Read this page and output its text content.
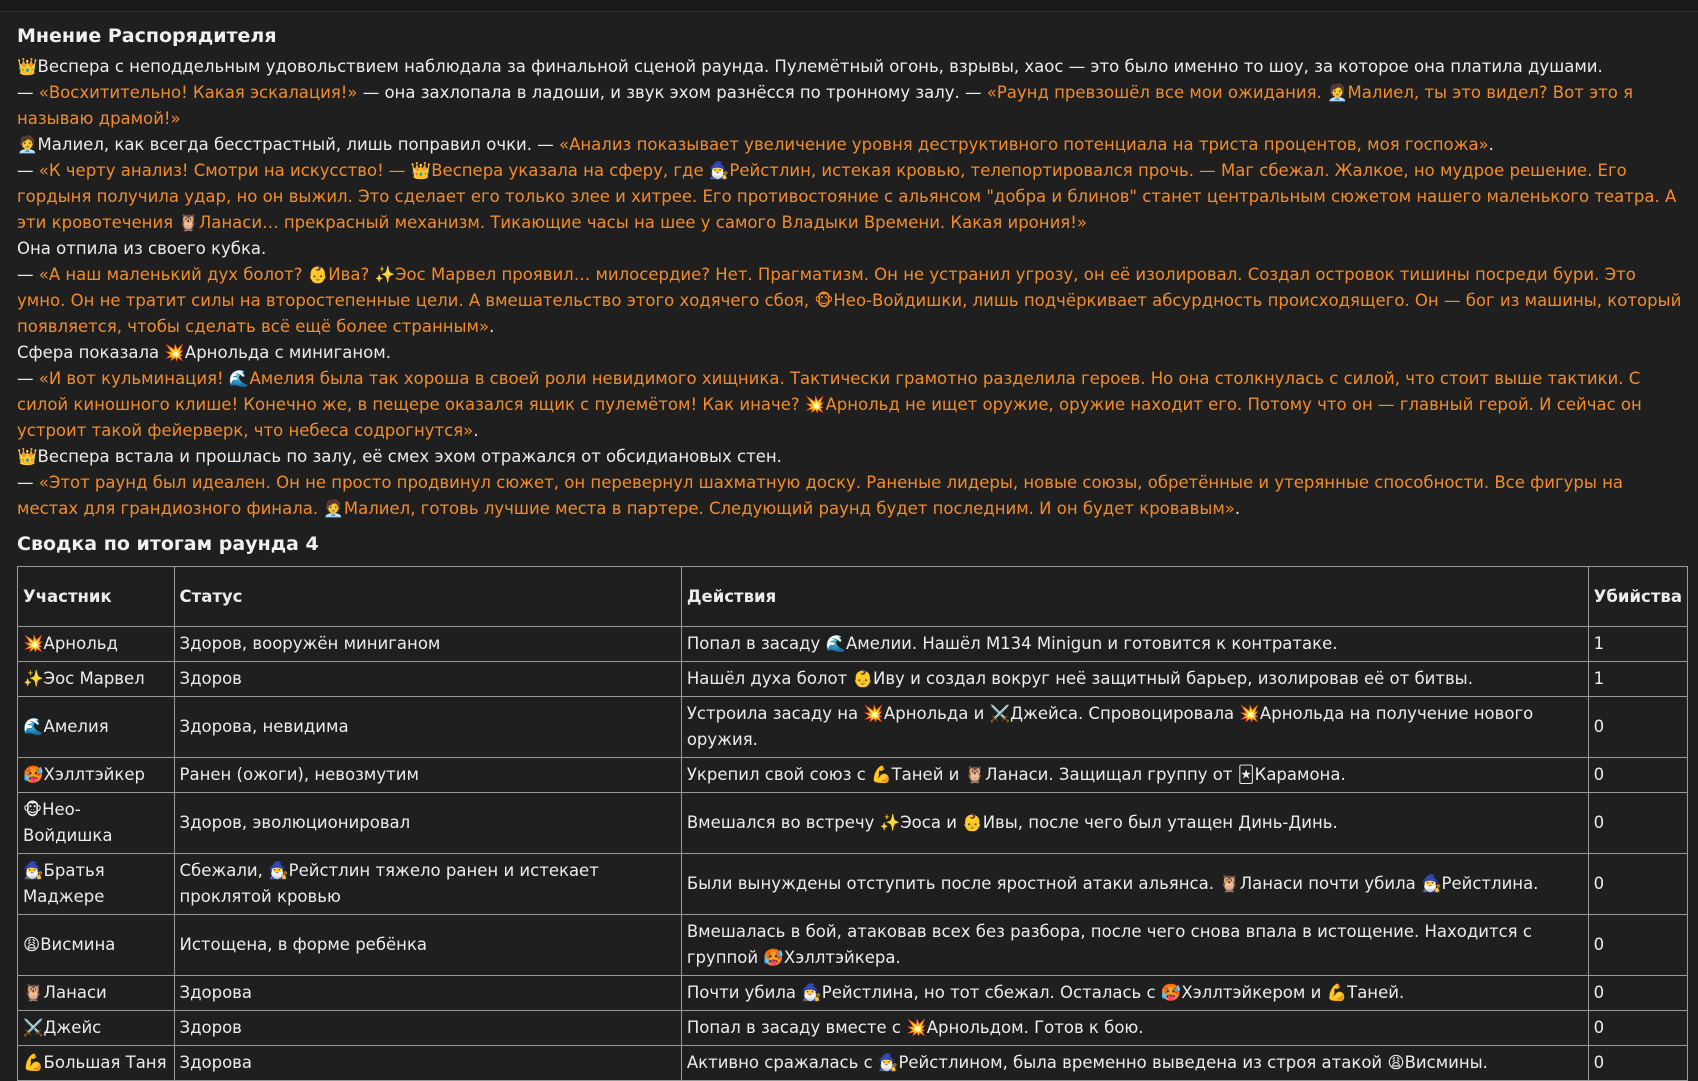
Мнение Распорядителя
👑Веспера с неподдельным удовольствием наблюдала за финальной сценой раунда. Пулемётный огонь, взрывы, хаос — это было именно то шоу, за которое она платила душами.
— «Восхитительно! Какая эскалация!» — она захлопала в ладоши, и звук эхом разнёсся по тронному залу. — «Раунд превзошёл все мои ожидания. 🧑‍💼Малиел, ты это видел? Вот это я называю драмой!»
🧑‍💼Малиел, как всегда бесстрастный, лишь поправил очки. — «Анализ показывает увеличение уровня деструктивного потенциала на триста процентов, моя госпожа».
— «К черту анализ! Смотри на искусство! — 👑Веспера указала на сферу, где 🧙‍♂️Рейстлин, истекая кровью, телепортировался прочь. — Маг сбежал. Жалкое, но мудрое решение. Его гордыня получила удар, но он выжил. Это сделает его только злее и хитрее. Его противостояние с альянсом "добра и блинов" станет центральным сюжетом нашего маленького театра. А эти кровотечения 🦉Ланаси… прекрасный механизм. Тикающие часы на шее у самого Владыки Времени. Какая ирония!»
Она отпила из своего кубка.
— «А наш маленький дух болот? 👶Ива? ✨Эос Марвел проявил… милосердие? Нет. Прагматизм. Он не устранил угрозу, он её изолировал. Создал островок тишины посреди бури. Это умно. Он не тратит силы на второстепенные цели. А вмешательство этого ходячего сбоя, 🐵Нео-Войдишки, лишь подчёркивает абсурдность происходящего. Он — бог из машины, который появляется, чтобы сделать всё ещё более странным».
Сфера показала 💥Арнольда с миниганом.
— «И вот кульминация! 🌊Амелия была так хороша в своей роли невидимого хищника. Тактически грамотно разделила героев. Но она столкнулась с силой, что стоит выше тактики. С силой киношного клише! Конечно же, в пещере оказался ящик с пулемётом! Как иначе? 💥Арнольд не ищет оружие, оружие находит его. Потому что он — главный герой. И сейчас он устроит такой фейерверк, что небеса содрогнутся».
👑Веспера встала и прошлась по залу, её смех эхом отражался от обсидиановых стен.
— «Этот раунд был идеален. Он не просто продвинул сюжет, он перевернул шахматную доску. Раненые лидеры, новые союзы, обретённые и утерянные способности. Все фигуры на местах для грандиозного финала. 🧑‍💼Малиел, готовь лучшие места в партере. Следующий раунд будет последним. И он будет кровавым».
Сводка по итогам раунда 4
Участник	Статус	Действия	Убийства
💥Арнольд	Здоров, вооружён миниганом	Попал в засаду 🌊Амелии. Нашёл M134 Minigun и готовится к контратаке.	1
✨Эос Марвел	Здоров	Нашёл духа болот 👶Иву и создал вокруг неё защитный барьер, изолировав её от битвы.	1
🌊Амелия	Здорова, невидима	Устроила засаду на 💥Арнольда и ⚔️Джейса. Спровоцировала 💥Арнольда на получение нового оружия.	0
🥵Хэллтэйкер	Ранен (ожоги), невозмутим	Укрепил свой союз с 💪Таней и 🦉Ланаси. Защищал группу от 🃏Карамона.	0
🐵Нео-Войдишка	Здоров, эволюционировал	Вмешался во встречу ✨Эоса и 👶Ивы, после чего был утащен Динь-Динь.	0
🧙‍♂️Братья Маджере	Сбежали, 🧙‍♂️Рейстлин тяжело ранен и истекает проклятой кровью	Были вынуждены отступить после яростной атаки альянса. 🦉Ланаси почти убила 🧙‍♂️Рейстлина.	0
😩Висмина	Истощена, в форме ребёнка	Вмешалась в бой, атаковав всех без разбора, после чего снова впала в истощение. Находится с группой 🥵Хэллтэйкера.	0
🦉Ланаси	Здорова	Почти убила 🧙‍♂️Рейстлина, но тот сбежал. Осталась с 🥵Хэллтэйкером и 💪Таней.	0
⚔️Джейс	Здоров	Попал в засаду вместе с 💥Арнольдом. Готов к бою.	0
💪Большая Таня	Здорова	Активно сражалась с 🧙‍♂️Рейстлином, была временно выведена из строя атакой 😩Висмины.	0
